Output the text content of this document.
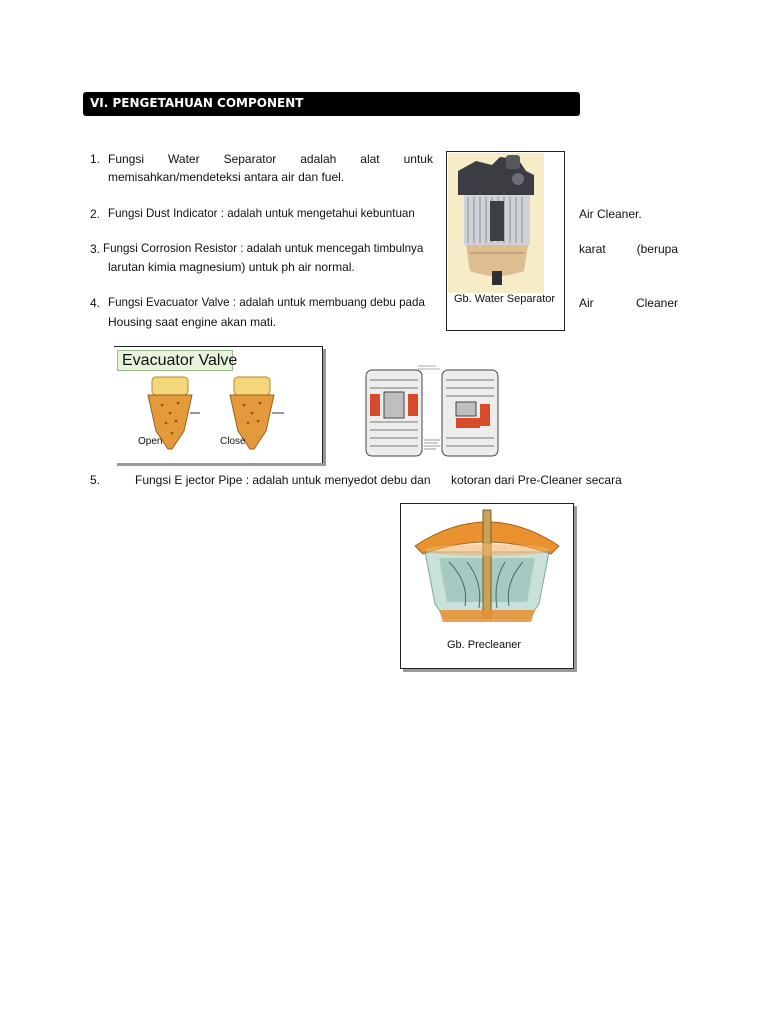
VI. PENGETAHUAN COMPONENT
1. Fungsi Water Separator adalah alat untuk
memisahkan/mendeteksi antara air dan fuel.
2. Fungsi Dust Indicator : adalah untuk mengetahui kebuntuan	Air Cleaner.
3. Fungsi Corrosion Resistor : adalah untuk mencegah timbulnya	karat	(berupa
larutan kimia magnesium) untuk ph air normal.
4. Fungsi Evacuator Valve : adalah untuk membuang debu pada	Air	Cleaner
Housing saat engine akan mati.
5.	Fungsi E jector Pipe : adalah untuk menyedot debu dan kotoran dari Pre-Cleaner secara
Gb. Water Separator
Evacuator Valve
Open	Close
Gb. Precleaner
